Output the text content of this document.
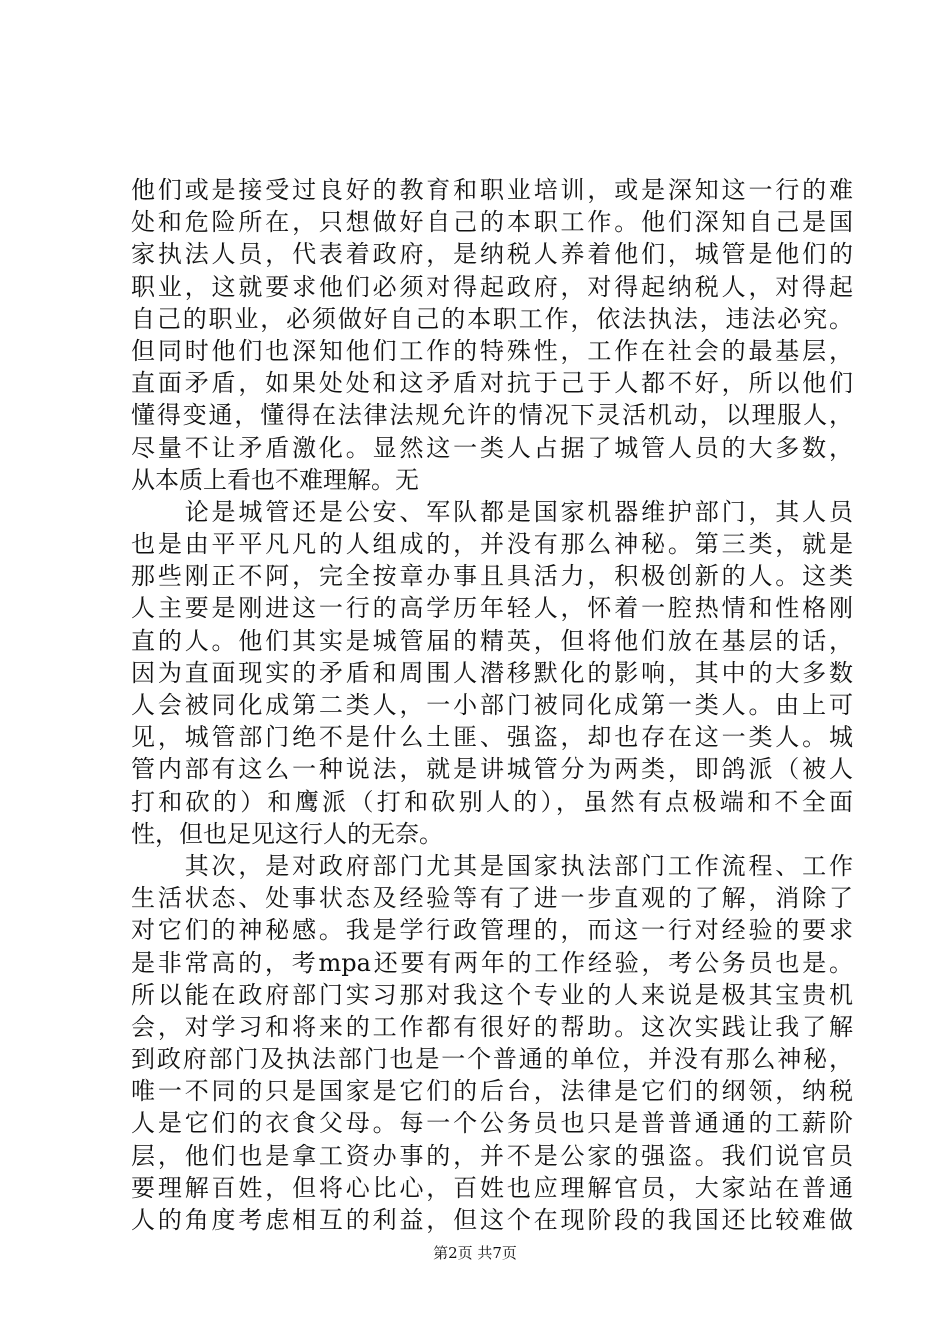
他们或是接受过良好的教育和职业培训，或是深知这一行的难
处和危险所在，只想做好自己的本职工作。他们深知自己是国
家执法人员，代表着政府，是纳税人养着他们，城管是他们的
职业，这就要求他们必须对得起政府，对得起纳税人，对得起
自己的职业，必须做好自己的本职工作，依法执法，违法必究。
但同时他们也深知他们工作的特殊性，工作在社会的最基层，
直面矛盾，如果处处和这矛盾对抗于己于人都不好，所以他们
懂得变通，懂得在法律法规允许的情况下灵活机动，以理服人，
尽量不让矛盾激化。显然这一类人占据了城管人员的大多数，
从本质上看也不难理解。无
　　论是城管还是公安、军队都是国家机器维护部门，其人员
也是由平平凡凡的人组成的，并没有那么神秘。第三类，就是
那些刚正不阿，完全按章办事且具活力，积极创新的人。这类
人主要是刚进这一行的高学历年轻人，怀着一腔热情和性格刚
直的人。他们其实是城管届的精英，但将他们放在基层的话，
因为直面现实的矛盾和周围人潜移默化的影响，其中的大多数
人会被同化成第二类人，一小部门被同化成第一类人。由上可
见，城管部门绝不是什么土匪、强盗，却也存在这一类人。城
管内部有这么一种说法，就是讲城管分为两类，即鸽派（被人
打和砍的）和鹰派（打和砍别人的），虽然有点极端和不全面
性，但也足见这行人的无奈。
　　其次，是对政府部门尤其是国家执法部门工作流程、工作
生活状态、处事状态及经验等有了进一步直观的了解，消除了
对它们的神秘感。我是学行政管理的，而这一行对经验的要求
是非常高的，考mpa还要有两年的工作经验，考公务员也是。
所以能在政府部门实习那对我这个专业的人来说是极其宝贵机
会，对学习和将来的工作都有很好的帮助。这次实践让我了解
到政府部门及执法部门也是一个普通的单位，并没有那么神秘，
唯一不同的只是国家是它们的后台，法律是它们的纲领，纳税
人是它们的衣食父母。每一个公务员也只是普普通通的工薪阶
层，他们也是拿工资办事的，并不是公家的强盗。我们说官员
要理解百姓，但将心比心，百姓也应理解官员，大家站在普通
人的角度考虑相互的利益，但这个在现阶段的我国还比较难做
第2页 共7页
